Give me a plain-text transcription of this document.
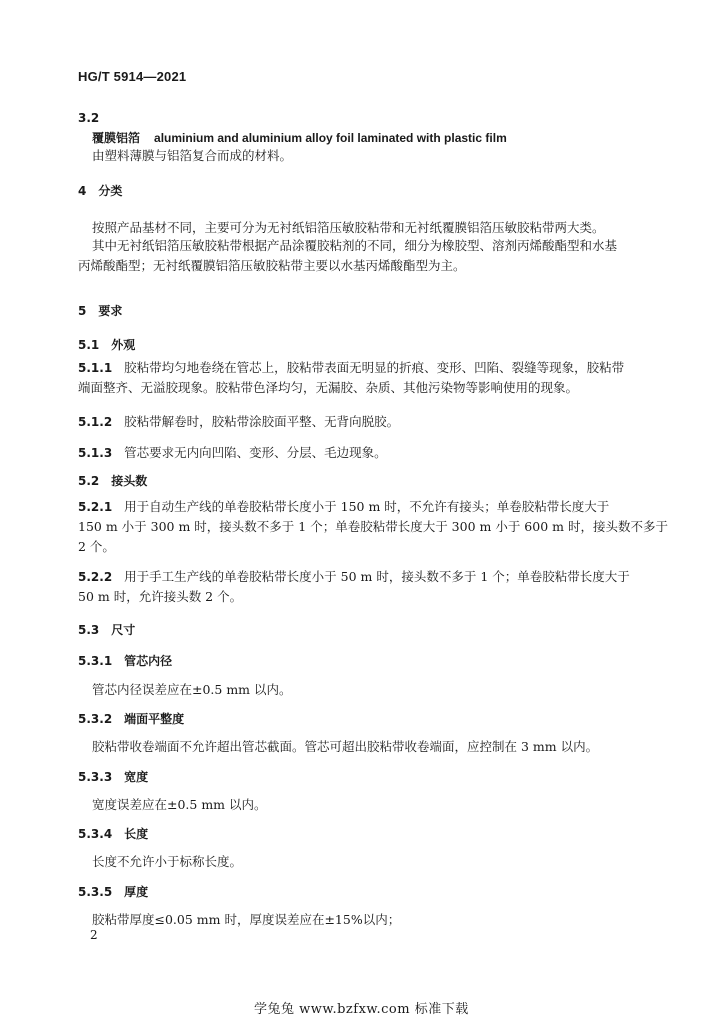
HG/T 5914—2021
3.2
覆膜铝箔 aluminium and aluminium alloy foil laminated with plastic film
由塑料薄膜与铝箔复合而成的材料。
4　分类
按照产品基材不同，主要可分为无衬纸铝箔压敏胶粘带和无衬纸覆膜铝箔压敏胶粘带两大类。
其中无衬纸铝箔压敏胶粘带根据产品涂覆胶粘剂的不同，细分为橡胶型、溶剂丙烯酸酯型和水基
丙烯酸酯型；无衬纸覆膜铝箔压敏胶粘带主要以水基丙烯酸酯型为主。
5　要求
5.1　外观
5.1.1 胶粘带均匀地卷绕在管芯上，胶粘带表面无明显的折痕、变形、凹陷、裂缝等现象，胶粘带
端面整齐、无溢胶现象。胶粘带色泽均匀，无漏胶、杂质、其他污染物等影响使用的现象。
5.1.2 胶粘带解卷时，胶粘带涂胶面平整、无背向脱胶。
5.1.3 管芯要求无内向凹陷、变形、分层、毛边现象。
5.2　接头数
5.2.1 用于自动生产线的单卷胶粘带长度小于 150 m 时，不允许有接头；单卷胶粘带长度大于
150 m 小于 300 m 时，接头数不多于 1 个；单卷胶粘带长度大于 300 m 小于 600 m 时，接头数不多于
2 个。
5.2.2 用于手工生产线的单卷胶粘带长度小于 50 m 时，接头数不多于 1 个；单卷胶粘带长度大于
50 m 时，允许接头数 2 个。
5.3　尺寸
5.3.1　管芯内径
管芯内径误差应在±0.5 mm 以内。
5.3.2　端面平整度
胶粘带收卷端面不允许超出管芯截面。管芯可超出胶粘带收卷端面，应控制在 3 mm 以内。
5.3.3　宽度
宽度误差应在±0.5 mm 以内。
5.3.4　长度
长度不允许小于标称长度。
5.3.5　厚度
胶粘带厚度≤0.05 mm 时，厚度误差应在±15%以内；
2
学兔兔 www.bzfxw.com 标准下载
